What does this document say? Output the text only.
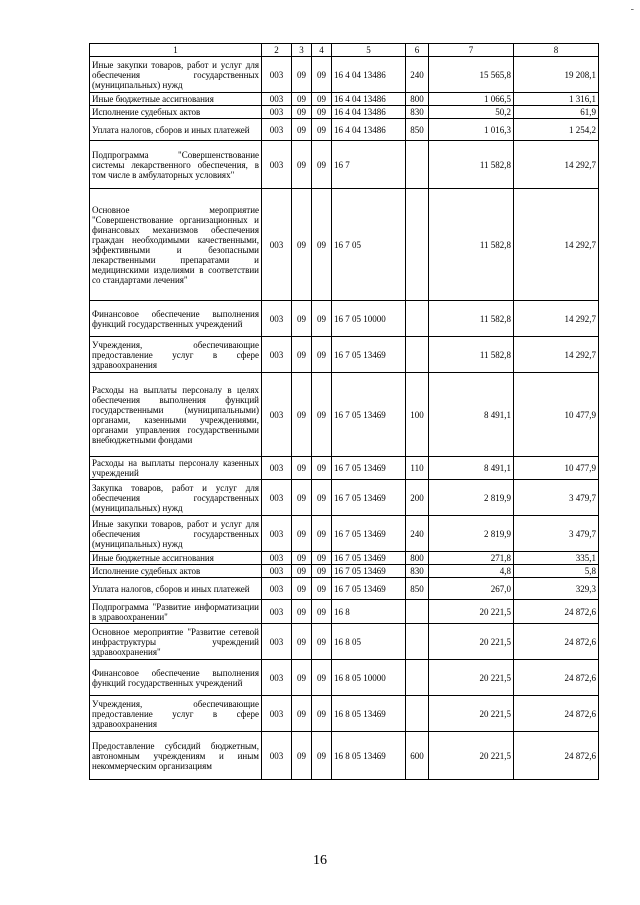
‑
1	2	3	4	5	6	7	8
Иные закупки товаров, работ и услуг для обеспечения государственных (муниципальных) нужд	003	09	09	16 4 04 13486	240	15 565,8	19 208,1
Иные бюджетные ассигнования	003	09	09	16 4 04 13486	800	1 066,5	1 316,1
Исполнение судебных актов	003	09	09	16 4 04 13486	830	50,2	61,9
Уплата налогов, сборов и иных платежей	003	09	09	16 4 04 13486	850	1 016,3	1 254,2
Подпрограмма "Совершенствование системы лекарственного обеспечения, в том числе в амбулаторных условиях"	003	09	09	16 7		11 582,8	14 292,7
Основное мероприятие "Совершенствование организационных и финансовых механизмов обеспечения граждан необходимыми качественными, эффективными и безопасными лекарственными препаратами и медицинскими изделиями в соответствии со стандартами лечения"	003	09	09	16 7 05		11 582,8	14 292,7
Финансовое обеспечение выполнения функций государственных учреждений	003	09	09	16 7 05 10000		11 582,8	14 292,7
Учреждения, обеспечивающие предоставление услуг в сфере здравоохранения	003	09	09	16 7 05 13469		11 582,8	14 292,7
Расходы на выплаты персоналу в целях обеспечения выполнения функций государственными (муниципальными) органами, казенными учреждениями, органами управления государственными внебюджетными фондами	003	09	09	16 7 05 13469	100	8 491,1	10 477,9
Расходы на выплаты персоналу казенных учреждений	003	09	09	16 7 05 13469	110	8 491,1	10 477,9
Закупка товаров, работ и услуг для обеспечения государственных (муниципальных) нужд	003	09	09	16 7 05 13469	200	2 819,9	3 479,7
Иные закупки товаров, работ и услуг для обеспечения государственных (муниципальных) нужд	003	09	09	16 7 05 13469	240	2 819,9	3 479,7
Иные бюджетные ассигнования	003	09	09	16 7 05 13469	800	271,8	335,1
Исполнение судебных актов	003	09	09	16 7 05 13469	830	4,8	5,8
Уплата налогов, сборов и иных платежей	003	09	09	16 7 05 13469	850	267,0	329,3
Подпрограмма "Развитие информатизации в здравоохранении"	003	09	09	16 8		20 221,5	24 872,6
Основное мероприятие "Развитие сетевой инфраструктуры учреждений здравоохранения"	003	09	09	16 8 05		20 221,5	24 872,6
Финансовое обеспечение выполнения функций государственных учреждений	003	09	09	16 8 05 10000		20 221,5	24 872,6
Учреждения, обеспечивающие предоставление услуг в сфере здравоохранения	003	09	09	16 8 05 13469		20 221,5	24 872,6
Предоставление субсидий бюджетным, автономным учреждениям и иным некоммерческим организациям	003	09	09	16 8 05 13469	600	20 221,5	24 872,6
16
